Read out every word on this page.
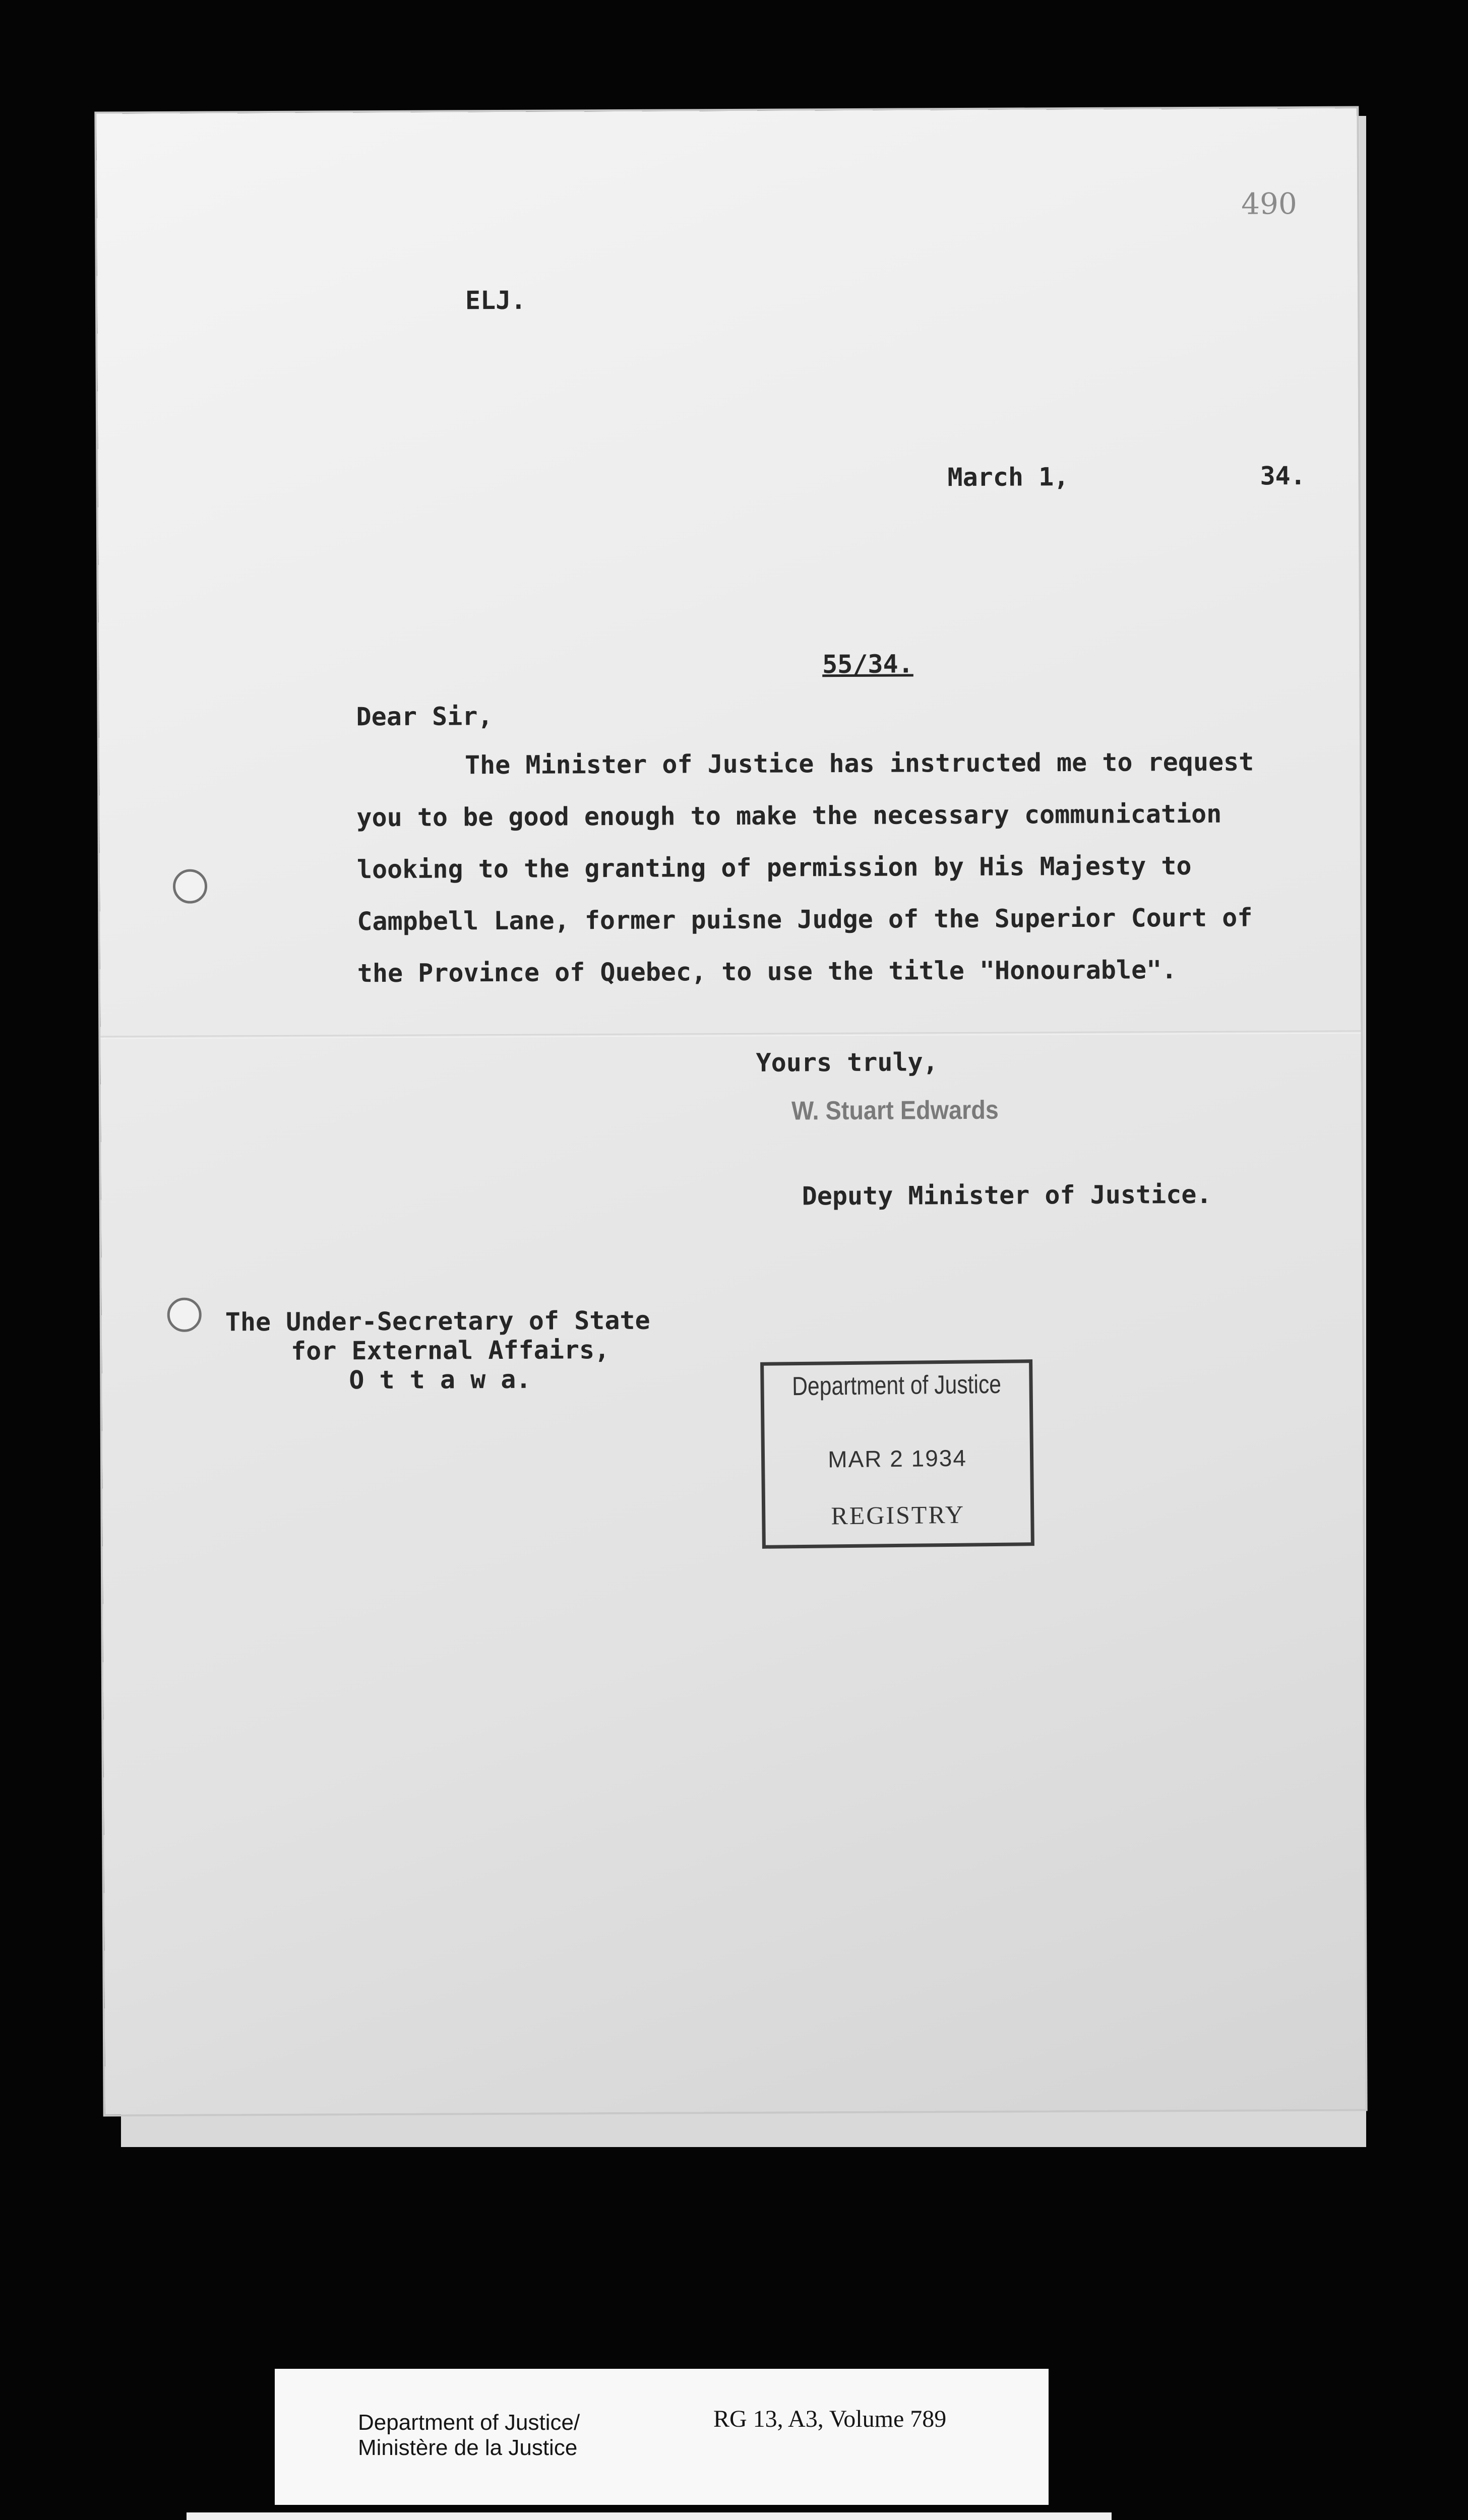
490
ELJ.
March 1,	34.
55/34.
Dear Sir,
The Minister of Justice has instructed me to request
you to be good enough to make the necessary communication
looking to the granting of permission by His Majesty to
Campbell Lane, former puisne Judge of the Superior Court of
the Province of Quebec, to use the title "Honourable".
Yours truly,
W. Stuart Edwards
Deputy Minister of Justice.
The Under-Secretary of State
for External Affairs,
O t t a w a.	Department of Justice
MAR 2 1934
REGISTRY
Department of Justice/
Ministère de la Justice
RG 13, A3, Volume 789
